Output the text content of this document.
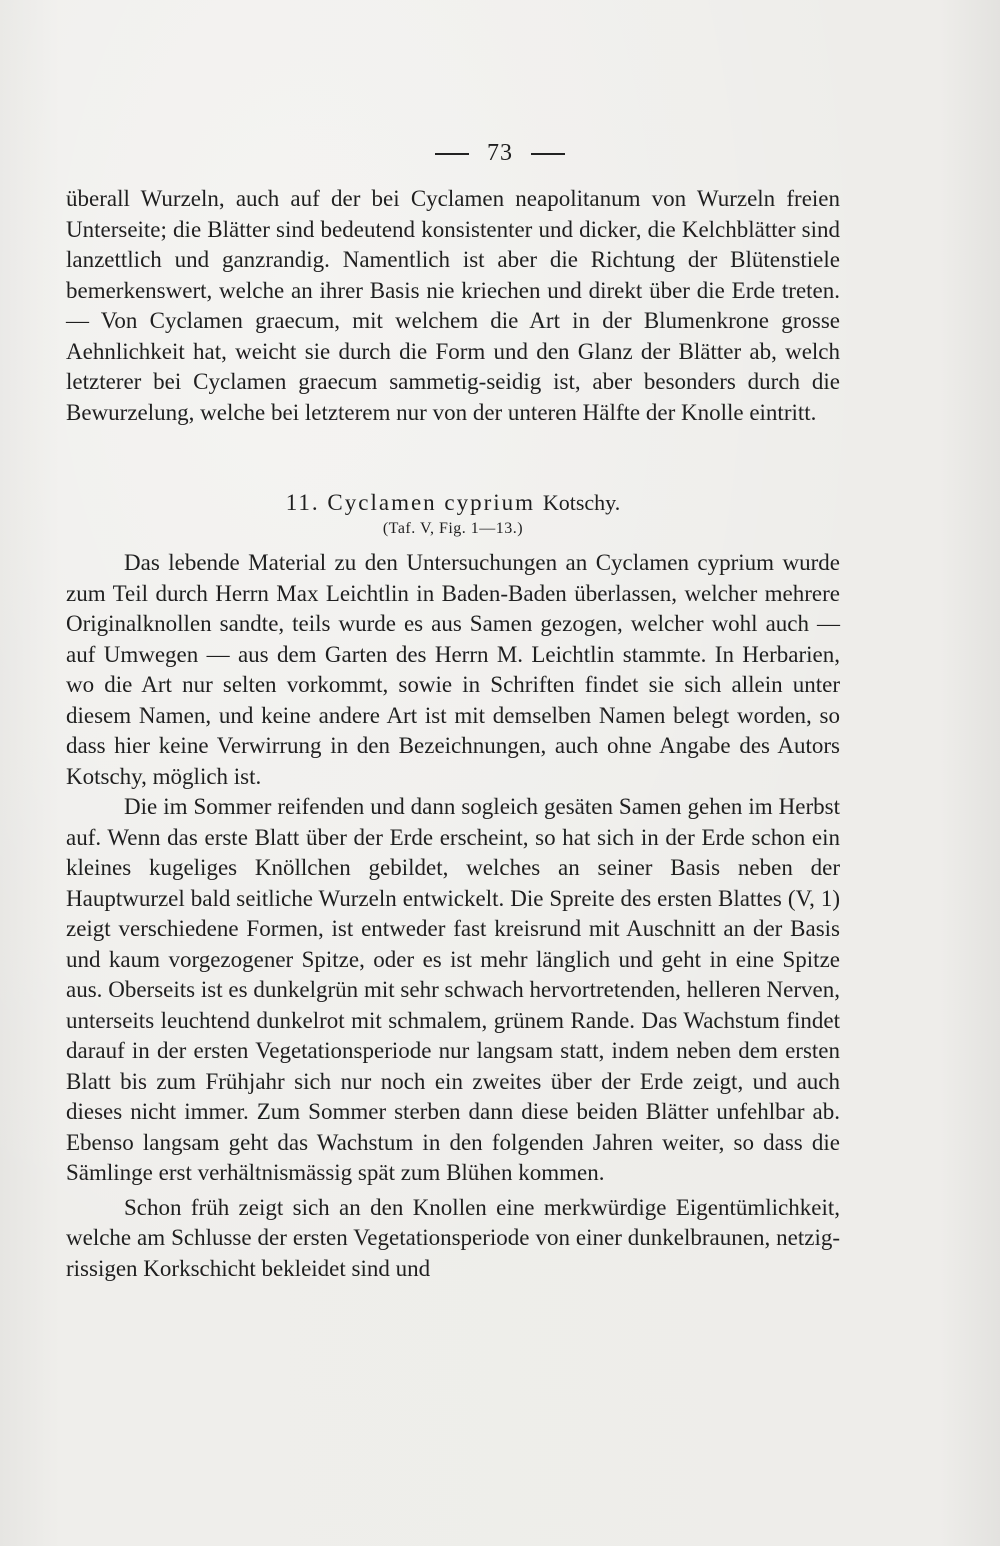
73

überall Wurzeln, auch auf der bei Cyclamen neapolitanum von Wurzeln freien Unterseite; die Blätter sind bedeutend konsistenter und dicker, die Kelchblätter sind lanzettlich und ganzrandig. Namentlich ist aber die Richtung der Blütenstiele bemerkenswert, welche an ihrer Basis nie kriechen und direkt über die Erde treten. — Von Cyclamen graecum, mit welchem die Art in der Blumenkrone grosse Aehnlichkeit hat, weicht sie durch die Form und den Glanz der Blätter ab, welch letzterer bei Cyclamen graecum sammetig-seidig ist, aber besonders durch die Bewurzelung, welche bei letzterem nur von der unteren Hälfte der Knolle eintritt.

11. Cyclamen cyprium Kotschy.
(Taf. V, Fig. 1—13.)

Das lebende Material zu den Untersuchungen an Cyclamen cyprium wurde zum Teil durch Herrn Max Leichtlin in Baden-Baden überlassen, welcher mehrere Originalknollen sandte, teils wurde es aus Samen gezogen, welcher wohl auch — auf Umwegen — aus dem Garten des Herrn M. Leichtlin stammte. In Herbarien, wo die Art nur selten vorkommt, sowie in Schriften findet sie sich allein unter diesem Namen, und keine andere Art ist mit demselben Namen belegt worden, so dass hier keine Verwirrung in den Bezeichnungen, auch ohne Angabe des Autors Kotschy, möglich ist.

Die im Sommer reifenden und dann sogleich gesäten Samen gehen im Herbst auf. Wenn das erste Blatt über der Erde erscheint, so hat sich in der Erde schon ein kleines kugeliges Knöllchen gebildet, welches an seiner Basis neben der Hauptwurzel bald seitliche Wurzeln entwickelt. Die Spreite des ersten Blattes (V, 1) zeigt verschiedene Formen, ist entweder fast kreisrund mit Auschnitt an der Basis und kaum vorgezogener Spitze, oder es ist mehr länglich und geht in eine Spitze aus. Oberseits ist es dunkelgrün mit sehr schwach hervortretenden, helleren Nerven, unterseits leuchtend dunkelrot mit schmalem, grünem Rande. Das Wachstum findet darauf in der ersten Vegetationsperiode nur langsam statt, indem neben dem ersten Blatt bis zum Frühjahr sich nur noch ein zweites über der Erde zeigt, und auch dieses nicht immer. Zum Sommer sterben dann diese beiden Blätter unfehlbar ab. Ebenso langsam geht das Wachstum in den folgenden Jahren weiter, so dass die Sämlinge erst verhältnismässig spät zum Blühen kommen.

Schon früh zeigt sich an den Knollen eine merkwürdige Eigentümlichkeit, welche am Schlusse der ersten Vegetationsperiode von einer dunkelbraunen, netzig-rissigen Korkschicht bekleidet sind und
